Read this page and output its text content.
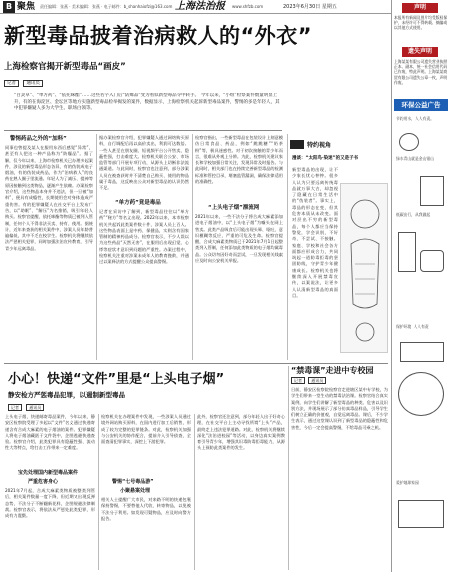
B 聚焦 责任编辑：张燕 · 美术编辑：张燕 · 电子邮件：b_shanhaiofzi@163.com 上海法治报 www.shfzb.com	2023年6月30日 星期五
新型毒品披着治病救人的“外衣”
上海检察官揭开新型毒品“画皮”
记者 通讯员
“百灵草”、“单方药”、“依托咪酯”……这些名字入门后“防爆品”变为看似新型毒品寺中转手。 今年以来，“小组”检察案件数量明显上升，有的在海淀区、金坛区等地方实施新型毒品检举揭发的案件，数据显示，上海检察机关起诉新型毒品案件，警惕的多是年轻人，其中犯罪嫌疑人多为大学生、职场白领等。
警惕药品之外的“加料”
同事也曾提及某人在服用东西后感觉“异常”，甚至有人把这一种产品称为“防爆品”。据了解，仅今年以来，上海市检察机关已办理多起案件，涉及的新型毒品形态各异，有的伪装成电子烟油，有的伪装成药品，作为“治病救人”的良药在熟人圈子里流通。年轻人为了减压、提神等原因接触到这类物品，逐渐产生依赖。办案检察官介绍，这些物品本身并不违法，但一旦被“加料”，便具有成瘾性，长期使用会对身体造成严重伤害。有的犯罪嫌疑人在社交平台上发布广告，以“助眠”、“解压”为名推销，吸引年轻人购买。检察官提醒，依托咪酯等物质已被列入管制，任何个人不得非法买卖、持有、使用。据统计，近年来查获的相关案件中，涉案人员年龄普遍偏低，其中不乏在校学生。检察机关将继续依法严惩相关犯罪，同时加强法治宣传教育，引导青少年远离毒品。
据办案检察官介绍，犯罪嫌疑人通过网络购买原料，自行调配后再以高价卖出，利润可达数倍。一些人甚至在朋友圈、短视频平台公开售卖，隐蔽性强，打击难度大。检察机关联合公安、市场监管等部门开展专项行动，从源头上切断非法流通渠道。与此同时，检察官也注意到，部分涉案人员在被查获时并不清楚自己购买、使用的物品属于毒品，这反映出公众对新型毒品的认识仍然不足。
“单方药”竟是毒品
记者在采访中了解到，新型毒品往往以“单方药”“秘方”等名义出现。2022年以来，本市检察机关共起诉此类案件数十件，涉案人员上百人。这些物品表面上是中药、保健品，实则含有国家管制的精神药品成分。检察官表示，不少人误以为这些药品“天然无害”，在服用后出现幻觉、心悸等症状才意识到问题的严重性。办案过程中，检察机关注重对涉案未成年人的教育挽救，并通过以案释法的方式提醒公众提高警惕。
检察官指出，一些新型毒品在包装设计上刻意模仿日常食品、药品，例如“跳跳糖”“奶茶粉”等，极具迷惑性。对于初次接触的青少年而言，很难从外观上分辨。为此，检察机关建议家长和学校加强日常关注，发现异常及时报告。与此同时，相关部门也在持续完善新型毒品的检测标准和管控目录，堵塞监管漏洞，确保法律适用的准确性。
“上头电子烟”漂流网
2021年以来，一些不法分子将合成大麻素添加进电子烟油中，以“上头电子烟”为噱头在网上售卖。此类产品吸食后可能出现头晕、呕吐、意识模糊等反应，严重的可危及生命。检察官提醒，合成大麻素类物质已于2021年7月1日起整类列入管制，任何添加此类物质的电子烟均属毒品。公众切勿因好奇而尝试，一旦发现相关线索应及时向公安机关举报。
特约视角
漫谈：“太阳鸟·染迷”的又是子书
新型毒品的出现，让不少家长忧心忡忡。很多人认为只要远离传统毒品就万事大吉，却忽视了隐藏在日常生活中的“伪装者”。事实上，毒品的形态在变，但其危害本质从未改变。面对层出不穷的新型毒品，每个人都应当保持警觉，学会识别，不好奇、不尝试、不接触。家庭、学校和社会各方面都应形成合力，共同筑起一道防毒拒毒的坚固防线，守护青少年健康成长。检察机关也将继续深入开展禁毒宣传，以案说法，让更多人认清新型毒品的真面目。
小心！快递“文件”里是“上头电子烟”
静安检方严惩毒品犯罪，以遏制新型毒品
记者	通讯员
上头电子烟，快递邮寄毒品案件，今年以来，静安区检察院受理了多起以“文件”名义通过快递寄递含有合成大麻素的电子烟油的案件。犯罪嫌疑人将电子烟油藏匿于文件袋中，企图逃避快递查验。检察官介绍，此类犯罪具有隐蔽性强、流动性大等特点，给打击工作带来一定难度。
宝先处理国内新型毒品案件
严重危害身心
2021年7月起，合成大麻素类物质被整类列管后，相关案件数量一度下降，但近期又出现反弹态势，不法分子不断翻新花样，企图规避法律制裁。检察官表示，将依法从严惩处此类犯罪，形成有力震慑。
检察机关在办理案件中发现，一些涉案人员通过境外网站购买原料，在国内进行加工后销售，形成了较为完整的犯罪链条。对此，检察机关加强与公安机关的协作配合，提前介入引导侦查，全面查清犯罪事实，深挖上下游犯罪。
警惕“七号毒品游”
小聚悬案处理
相关人士提醒广大市民，对来路不明的快递包裹保持警惕，不要替他人代收、转寄物品，以免被不法分子利用。如发现可疑物品，应及时向警方报告。
此外，检察官还注意到，部分年轻人出于好奇心理，在社交平台上主动寻找所谓“上头”产品，最终走上违法犯罪道路。对此，检察机关将继续深化“法治进校园”等活动，以身边真实案例教育引导青少年，增强其识毒防毒拒毒能力，从源头上预防此类案件的发生。
“禁毒课”走进中专校园
记者 通讯员
日前，静安区检察院检察官走进辖区某中专学校，为学生们带来一堂生动的禁毒法治课。检察官结合真实案例，向学生们讲解了新型毒品的种类、危害以及识别方法，并现场展示了部分仿真毒品样品，引导学生们树立正确的价值观，自觉远离毒品。课后，不少学生表示，通过这堂课认识到了新型毒品的隐蔽性和危害性，今后一定会提高警惕，不给毒品可乘之机。
声明
本报所有新闻及图片均受版权保护，未经许可不得转载、摘编或以其他方式使用。
遗失声明
上海某某有限公司遗失营业执照正本、副本，统一社会信用代码已作废，特此声明。上海某某商贸有限公司遗失公章一枚，声明作废。
环保公益广告
节约用水，人人有责。
绿水青山就是金山银山
低碳出行，从我做起
保护环境 人人有责
爱护地球家园
